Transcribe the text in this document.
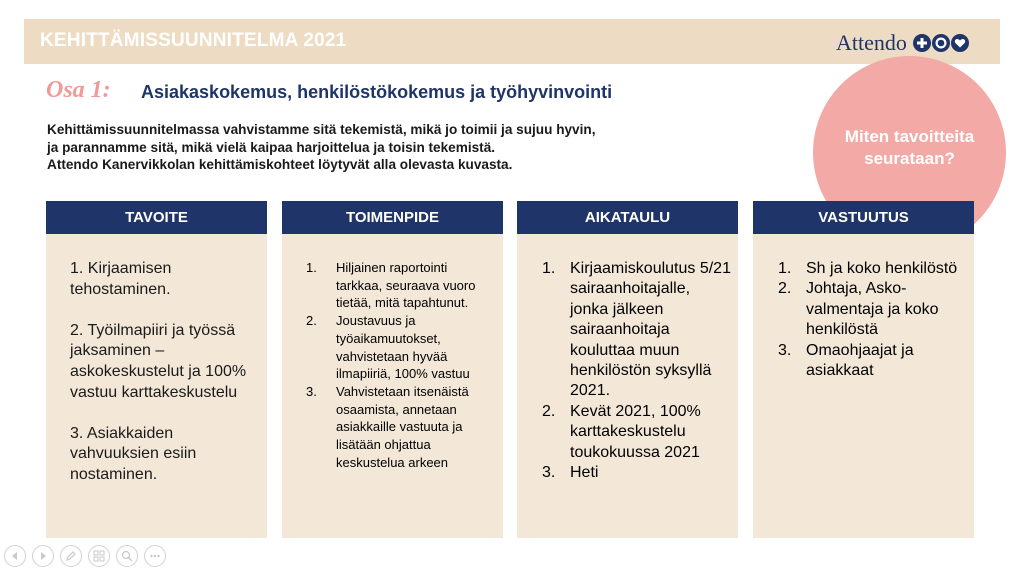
KEHITTÄMISSUUNNITELMA 2021	Attendo
Miten tavoitteita
seurataan?
Osa 1: Asiakaskokemus, henkilöstökokemus ja työhyvinvointi
Kehittämissuunnitelmassa vahvistamme sitä tekemistä, mikä jo toimii ja sujuu hyvin,
ja parannamme sitä, mikä vielä kaipaa harjoittelua ja toisin tekemistä.
Attendo Kanervikkolan kehittämiskohteet löytyvät alla olevasta kuvasta.
TAVOITE

1. Kirjaamisen tehostaminen.

2. Työilmapiiri ja työssä jaksaminen – askokeskustelut ja 100% vastuu karttakeskustelu

3. Asiakkaiden vahvuuksien esiin nostaminen.

TOIMENPIDE
1. Hiljainen raportointi tarkkaa, seuraava vuoro tietää, mitä tapahtunut.
2. Joustavuus ja työaikamuutokset, vahvistetaan hyvää ilmapiiriä, 100% vastuu
3. Vahvistetaan itsenäistä osaamista, annetaan asiakkaille vastuuta ja lisätään ohjattua keskustelua arkeen
AIKATAULU
1. Kirjaamiskoulutus 5/21 sairaanhoitajalle, jonka jälkeen sairaanhoitaja kouluttaa muun henkilöstön syksyllä 2021.
2. Kevät 2021, 100% karttakeskustelu toukokuussa 2021
3. Heti
VASTUUTUS
1. Sh ja koko henkilöstö
2. Johtaja, Asko-valmentaja ja koko henkilöstä
3. Omaohjaajat ja asiakkaat
